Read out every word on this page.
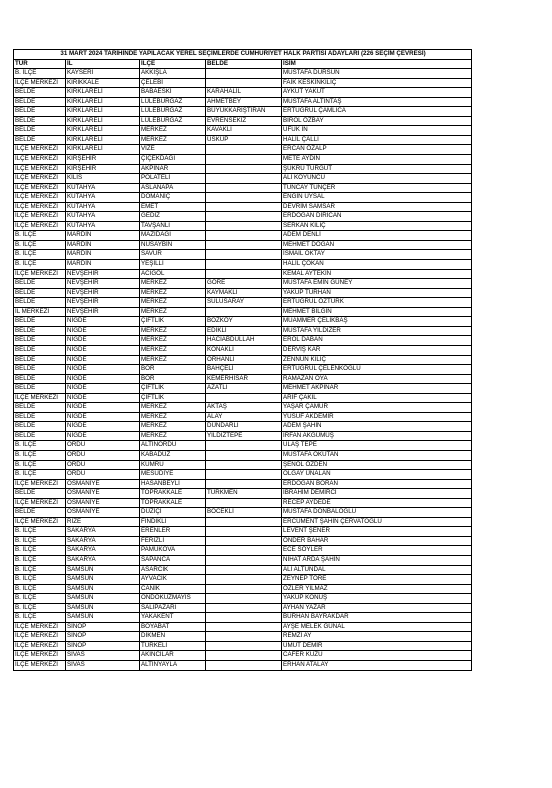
31 MART 2024 TARİHİNDE YAPILACAK YEREL SEÇİMLERDE CUMHURİYET HALK PARTİSİ ADAYLARI (226 SEÇİM ÇEVRESİ)				
TÜR	İL	İLÇE	BELDE	İSİM
B. İLÇE	KAYSERİ	AKKIŞLA		MUSTAFA DURSUN
İLÇE MERKEZİ	KIRIKKALE	ÇELEBİ		FAİK KESKİNKILIÇ
BELDE	KIRKLARELİ	BABAESKİ	KARAHALİL	AYKUT YAKUT
BELDE	KIRKLARELİ	LÜLEBURGAZ	AHMETBEY	MUSTAFA ALTINTAŞ
BELDE	KIRKLARELİ	LÜLEBURGAZ	BÜYÜKKARIŞTIRAN	ERTUĞRUL ÇAMLICA
BELDE	KIRKLARELİ	LÜLEBURGAZ	EVRENSEKİZ	BİROL ÖZBAY
BELDE	KIRKLARELİ	MERKEZ	KAVAKLI	UFUK İN
BELDE	KIRKLARELİ	MERKEZ	ÜSKÜP	HALİL ÇALLI
İLÇE MERKEZİ	KIRKLARELİ	VİZE		ERCAN ÖZALP
İLÇE MERKEZİ	KIRŞEHİR	ÇİÇEKDAĞI		METE AYDIN
İLÇE MERKEZİ	KIRŞEHİR	AKPINAR		ŞÜKRÜ TURGUT
İLÇE MERKEZİ	KİLİS	POLATELİ		ALİ KOYUNCU
İLÇE MERKEZİ	KÜTAHYA	ASLANAPA		TUNCAY TUNÇER
İLÇE MERKEZİ	KÜTAHYA	DOMANİÇ		ENGİN UYSAL
İLÇE MERKEZİ	KÜTAHYA	EMET		DEVRİM SAMSAR
İLÇE MERKEZİ	KÜTAHYA	GEDİZ		ERDOĞAN DİRİCAN
İLÇE MERKEZİ	KÜTAHYA	TAVŞANLI		SERKAN KILIÇ
B. İLÇE	MARDİN	MAZIDAĞI		ADEM DENLİ
B. İLÇE	MARDİN	NUSAYBİN		MEHMET DOĞAN
B. İLÇE	MARDİN	SAVUR		İSMAİL OKTAY
B. İLÇE	MARDİN	YEŞİLLİ		HALİL ÇOKAN
İLÇE MERKEZİ	NEVŞEHİR	ACIGÖL		KEMAL AYTEKİN
BELDE	NEVŞEHİR	MERKEZ	GÖRE	MUSTAFA EMİN GÜNEY
BELDE	NEVŞEHİR	MERKEZ	KAYMAKLI	YAKUP TURHAN
BELDE	NEVŞEHİR	MERKEZ	SULUSARAY	ERTUĞRUL ÖZTÜRK
İL MERKEZİ	NEVŞEHİR	MERKEZ		MEHMET BİLGİN
BELDE	NİĞDE	ÇİFTLİK	BOZKÖY	MUAMMER ÇELİKBAŞ
BELDE	NİĞDE	MERKEZ	EDİKLİ	MUSTAFA YILDIZER
BELDE	NİĞDE	MERKEZ	HACIABDULLAH	EROL DABAN
BELDE	NİĞDE	MERKEZ	KONAKLI	DERVİŞ KAR
BELDE	NİĞDE	MERKEZ	ORHANLI	ZENNUN KILIÇ
BELDE	NİĞDE	BOR	BAHÇELİ	ERTUĞRUL ÇELENKOĞLU
BELDE	NİĞDE	BOR	KEMERHİSAR	RAMAZAN OYA
BELDE	NİĞDE	ÇİFTLİK	AZATLI	MEHMET AKPINAR
İLÇE MERKEZİ	NİĞDE	ÇİFTLİK		ARİF ÇAKIL
BELDE	NİĞDE	MERKEZ	AKTAŞ	YAŞAR ÇAMUR
BELDE	NİĞDE	MERKEZ	ALAY	YUSUF AKDEMİR
BELDE	NİĞDE	MERKEZ	DÜNDARLI	ADEM ŞAHİN
BELDE	NİĞDE	MERKEZ	YILDIZTEPE	İRFAN AKGÜMÜŞ
B. İLÇE	ORDU	ALTINORDU		ULAŞ TEPE
B. İLÇE	ORDU	KABADÜZ		MUSTAFA OKUTAN
B. İLÇE	ORDU	KUMRU		ŞENOL ÖZDEN
B. İLÇE	ORDU	MESUDİYE		OLGAY ÜNALAN
İLÇE MERKEZİ	OSMANİYE	HASANBEYLİ		ERDOĞAN BORAN
BELDE	OSMANİYE	TOPRAKKALE	TÜRKMEN	İBRAHİM DEMİRCİ
İLÇE MERKEZİ	OSMANİYE	TOPRAKKALE		RECEP AYDEDE
BELDE	OSMANİYE	DÜZİÇİ	BÖCEKLİ	MUSTAFA DONBALOĞLU
İLÇE MERKEZİ	RİZE	FINDIKLI		ERCÜMENT ŞAHİN ÇERVATOĞLU
B. İLÇE	SAKARYA	ERENLER		LEVENT ŞENER
B. İLÇE	SAKARYA	FERİZLİ		ÖNDER BAHAR
B. İLÇE	SAKARYA	PAMUKOVA		ECE SÖYLER
B. İLÇE	SAKARYA	SAPANCA		NİHAT ARDA ŞAHİN
B. İLÇE	SAMSUN	ASARCIK		ALİ ALTUNDAL
B. İLÇE	SAMSUN	AYVACIK		ZEYNEP TÖRE
B. İLÇE	SAMSUN	CANİK		ÖZLER YILMAZ
B. İLÇE	SAMSUN	ONDOKUZMAYIS		YAKUP KONUŞ
B. İLÇE	SAMSUN	SALIPAZARI		AYHAN YAZAR
B. İLÇE	SAMSUN	YAKAKENT		BURHAN BAYRAKDAR
İLÇE MERKEZİ	SİNOP	BOYABAT		AYŞE MELEK GÜNAL
İLÇE MERKEZİ	SİNOP	DİKMEN		REMZİ AY
İLÇE MERKEZİ	SİNOP	TÜRKELİ		ÜMÜT DEMİR
İLÇE MERKEZİ	SİVAS	AKINCILAR		CAFER KUZU
İLÇE MERKEZİ	SİVAS	ALTINYAYLA		ERHAN ATALAY
